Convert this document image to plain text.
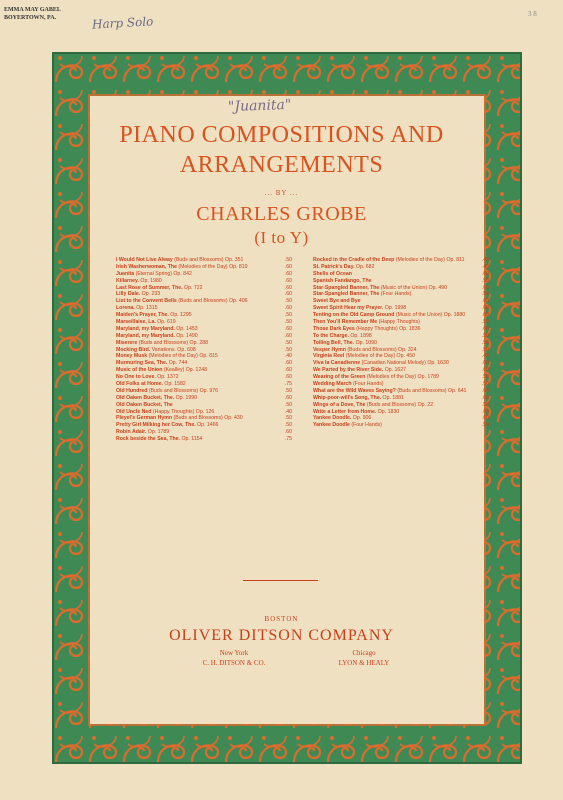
EMMA MAY GABEL
BOYERTOWN, PA.	Harp Solo
3 8
"Juanita"
PIANO COMPOSITIONS AND
ARRANGEMENTS
... BY ...
CHARLES GROBE
(I to Y)
I Would Not Live Alway (Buds and Blossoms) Op. 351	.50
Irish Washerwoman, The (Melodies of the Day) Op. 819	.60
Juanita (Eternal Spring) Op. 842	.60
Killarney. Op. 1980	.60
Last Rose of Summer, The. Op. 722	.60
Lilly Dale. Op. 233	.60
List to the Convent Bells (Buds and Blossoms) Op. 406	.50
Lorena. Op. 1315	.60
Maiden's Prayer, The. Op. 1295	.50
Marseillaise, La. Op. 619	.50
Maryland, my Maryland. Op. 1453	.60
Maryland, my Maryland. Op. 1490	.60
Miserere (Buds and Blossoms) Op. 288	.50
Mocking Bird. Variations. Op. 608	.50
Money Musk (Melodies of the Day) Op. 815	.40
Murmuring Sea, The. Op. 744	.60
Music of the Union (Kealley) Op. 1248	.60
No One to Love. Op. 1372	.60
Old Folks at Home. Op. 1582	.75
Old Hundred (Buds and Blossoms) Op. 976	.50
Old Oaken Bucket, The. Op. 1990	.60
Old Oaken Bucket, The	.50
Old Uncle Ned (Happy Thoughts) Op. 126	.40
Pleyel's German Hymn (Buds and Blossoms) Op. 430	.50
Pretty Girl Milking her Cow, The. Op. 1466	.50
Robin Adair. Op. 1789	.60
Rock beside the Sea, The. Op. 1154	.75
Rocked in the Cradle of the Deep (Melodies of the Day) Op. 811	.40
St. Patrick's Day. Op. 682	.40
Shells of Ocean	.60
Spanish Fandango, The	.50
Star-Spangled Banner, The (Music of the Union) Op. 490	.60
Star-Spangled Banner, The (Four Hands)	.50
Sweet Bye and Bye	.60
Sweet Spirit Hear my Prayer. Op. 1998	.60
Tenting on the Old Camp Ground (Music of the Union) Op. 1880	.60
Then You'll Remember Me (Happy Thoughts)	.50
Those Dark Eyes (Happy Thoughts) Op. 1836	.60
To the Charge. Op. 1898	.50
Tolling Bell, The. Op. 1090	.50
Vesper Hymn (Buds and Blossoms) Op. 324	.50
Virginia Reel (Melodies of the Day) Op. 450	.40
Viva la Canadienne (Canadian National Melody) Op. 1630	.60
We Parted by the River Side. Op. 1627	.60
Wearing of the Green (Melodies of the Day) Op. 1789	.50
Wedding March (Four Hands)	.50
What are the Wild Waves Saying? (Buds and Blossoms) Op. 641	.60
Whip-poor-will's Song, The. Op. 1881	.60
Wings of a Dove, The (Buds and Blossoms) Op. 22	.50
Write a Letter from Home. Op. 1830	.60
Yankee Doodle. Op. 906	.60
Yankee Doodle (Four Hands)	.50
BOSTON
OLIVER DITSON COMPANY
New York
C. H. DITSON & CO.
Chicago
LYON & HEALY
